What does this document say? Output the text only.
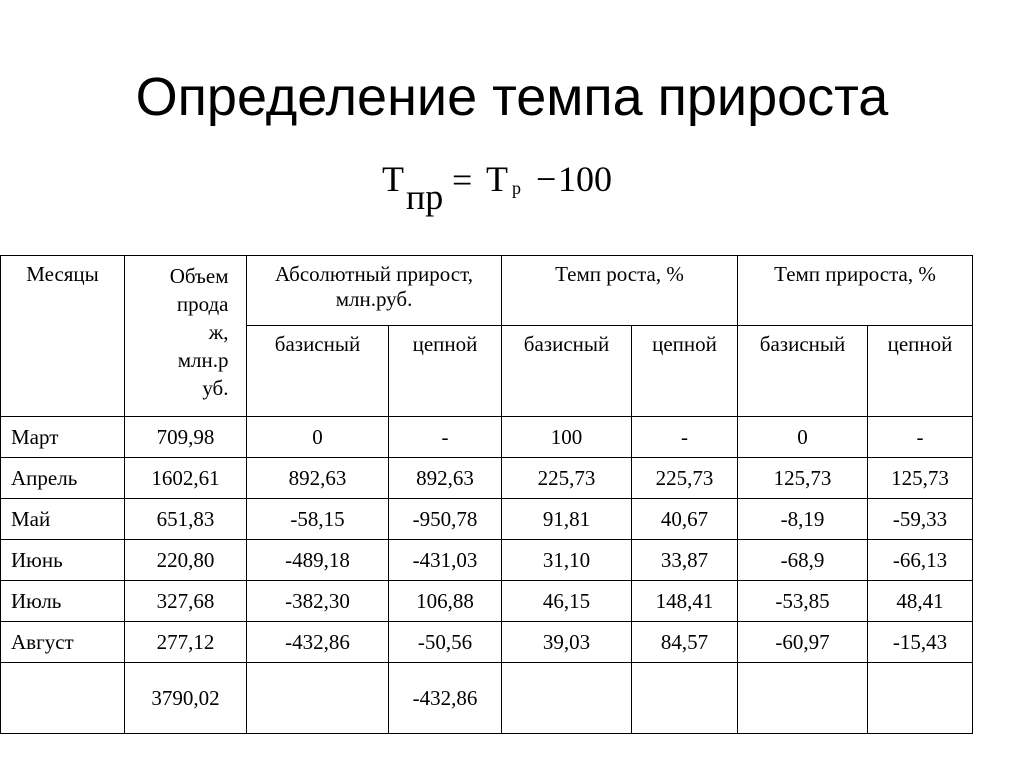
Определение темпа прироста
Т пр = Т р − 100
Месяцы	Объем
прода
ж,
млн.р
уб.	Абсолютный прирост, млн.руб.		Темп роста, %		Темп прироста, %	
		базисный	цепной	базисный	цепной	базисный	цепной
Март	709,98	0	-	100	-	0	-
Апрель	1602,61	892,63	892,63	225,73	225,73	125,73	125,73
Май	651,83	-58,15	-950,78	91,81	40,67	-8,19	-59,33
Июнь	220,80	-489,18	-431,03	31,10	33,87	-68,9	-66,13
Июль	327,68	-382,30	106,88	46,15	148,41	-53,85	48,41
Август	277,12	-432,86	-50,56	39,03	84,57	-60,97	-15,43
	3790,02		-432,86				
